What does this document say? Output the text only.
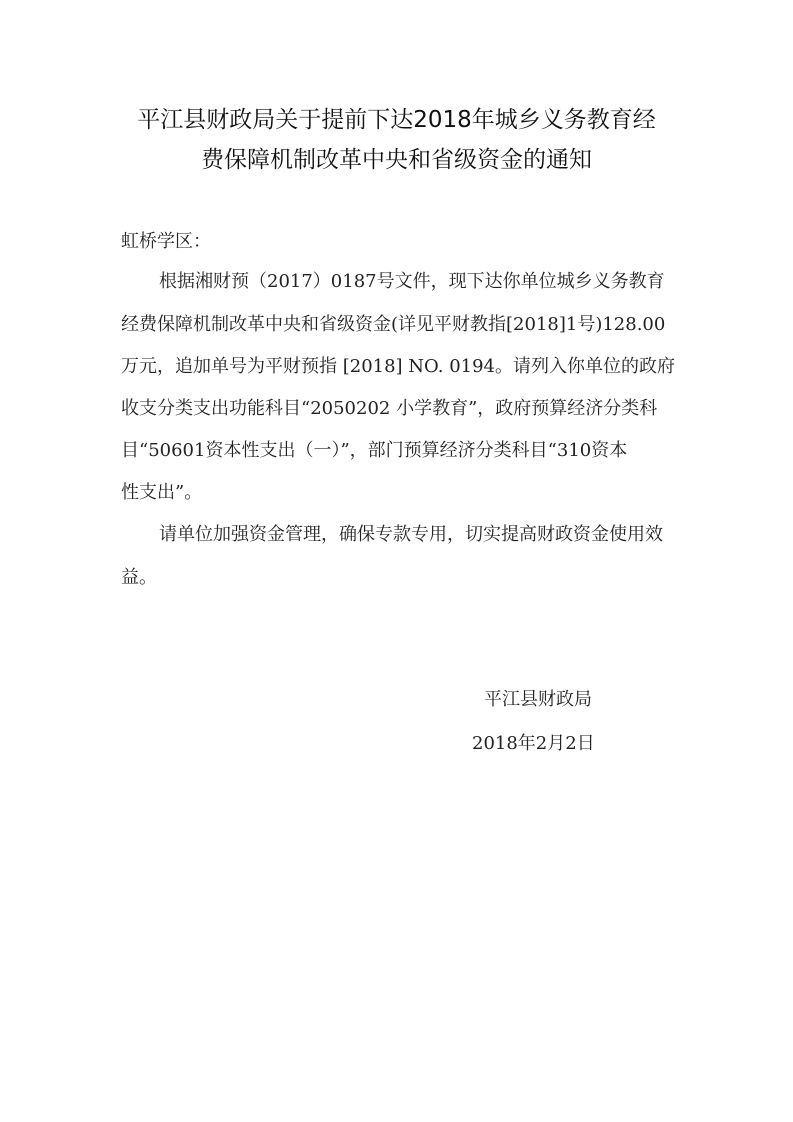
平江县财政局关于提前下达2018年城乡义务教育经
费保障机制改革中央和省级资金的通知
虹桥学区：
根据湘财预（2017）0187号文件，现下达你单位城乡义务教育
经费保障机制改革中央和省级资金(详见平财教指[2018]1号)128.00
万元，追加单号为平财预指 [2018] NO. 0194。请列入你单位的政府
收支分类支出功能科目“2050202 小学教育”，政府预算经济分类科
目“50601资本性支出（一）”，部门预算经济分类科目“310资本
性支出”。
请单位加强资金管理，确保专款专用，切实提高财政资金使用效
益。
平江县财政局
2018年2月2日
